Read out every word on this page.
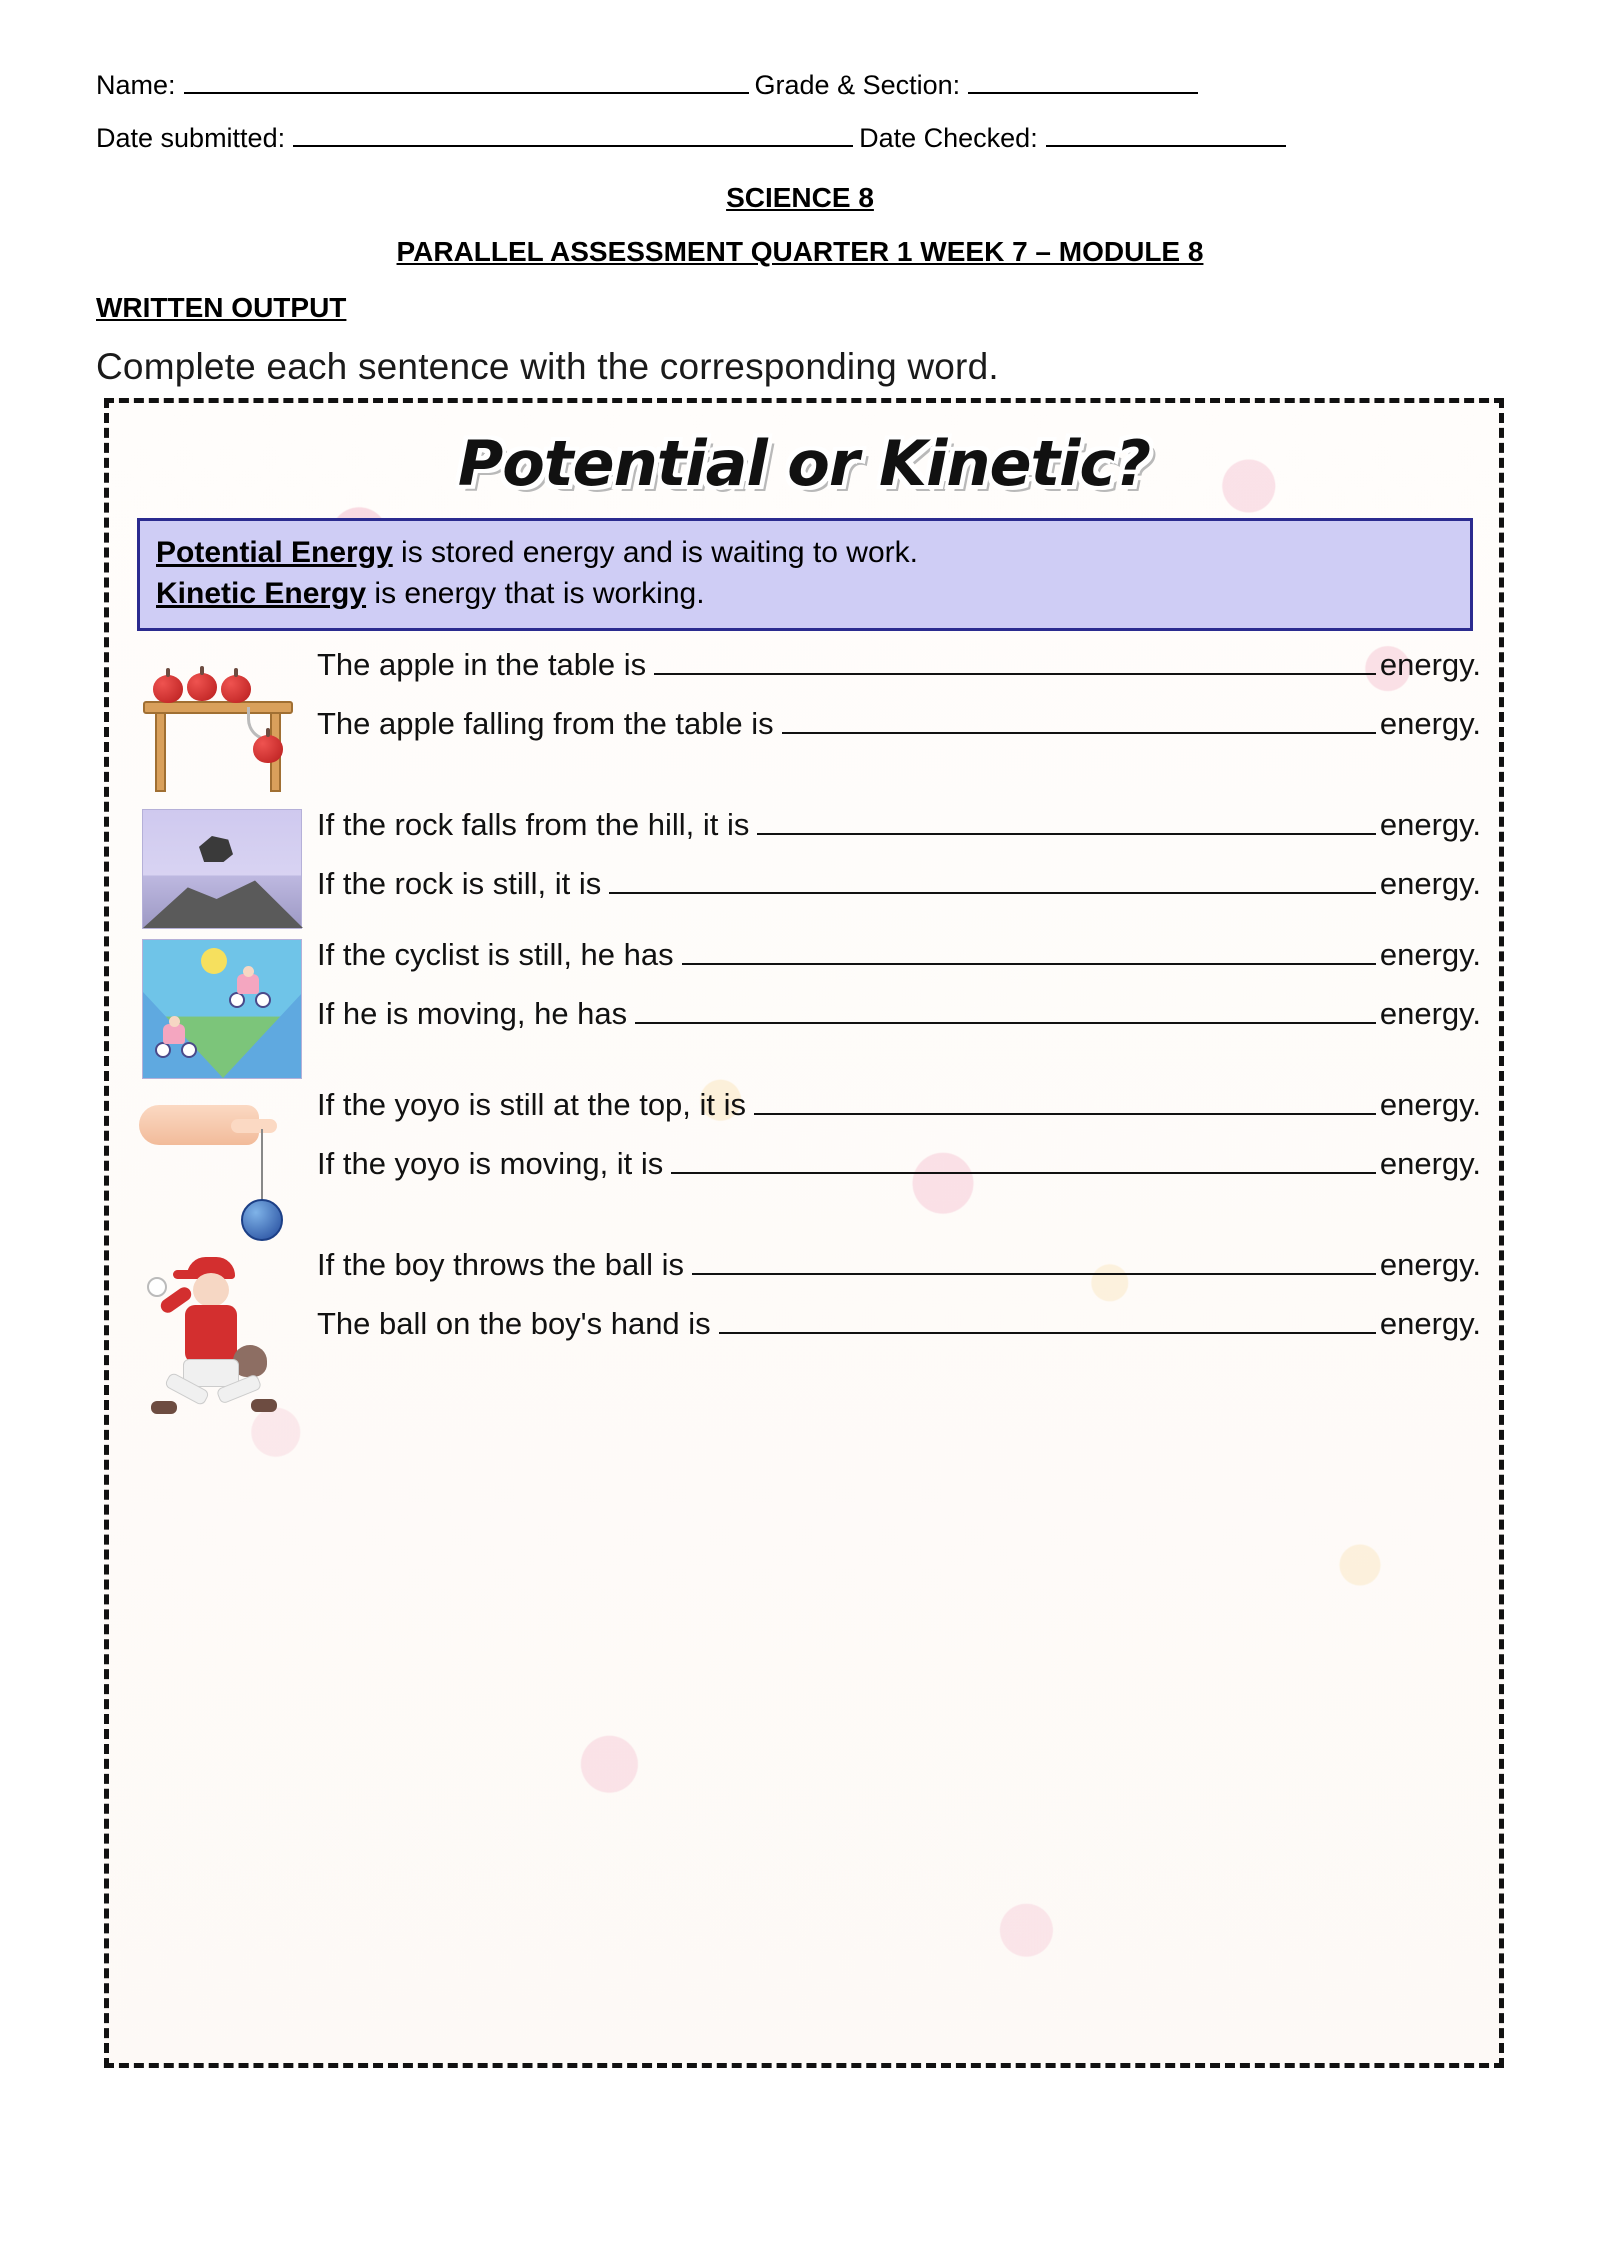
Name:	Grade & Section:
Date submitted:	Date Checked:
SCIENCE 8
PARALLEL ASSESSMENT QUARTER 1 WEEK 7 – MODULE 8
WRITTEN OUTPUT
Complete each sentence with the corresponding word.
Potential or Kinetic?
Potential Energy is stored energy and is waiting to work.
Kinetic Energy is energy that is working.
The apple in the table is	energy.
The apple falling from the table is	energy.
If the rock falls from the hill, it is	energy.
If the rock is still, it is	energy.
If the cyclist is still, he has	energy.
If he is moving, he has	energy.
If the yoyo is still at the top, it is	energy.
If the yoyo is moving, it is	energy.
If the boy throws the ball is	energy.
The ball on the boy's hand is	energy.
